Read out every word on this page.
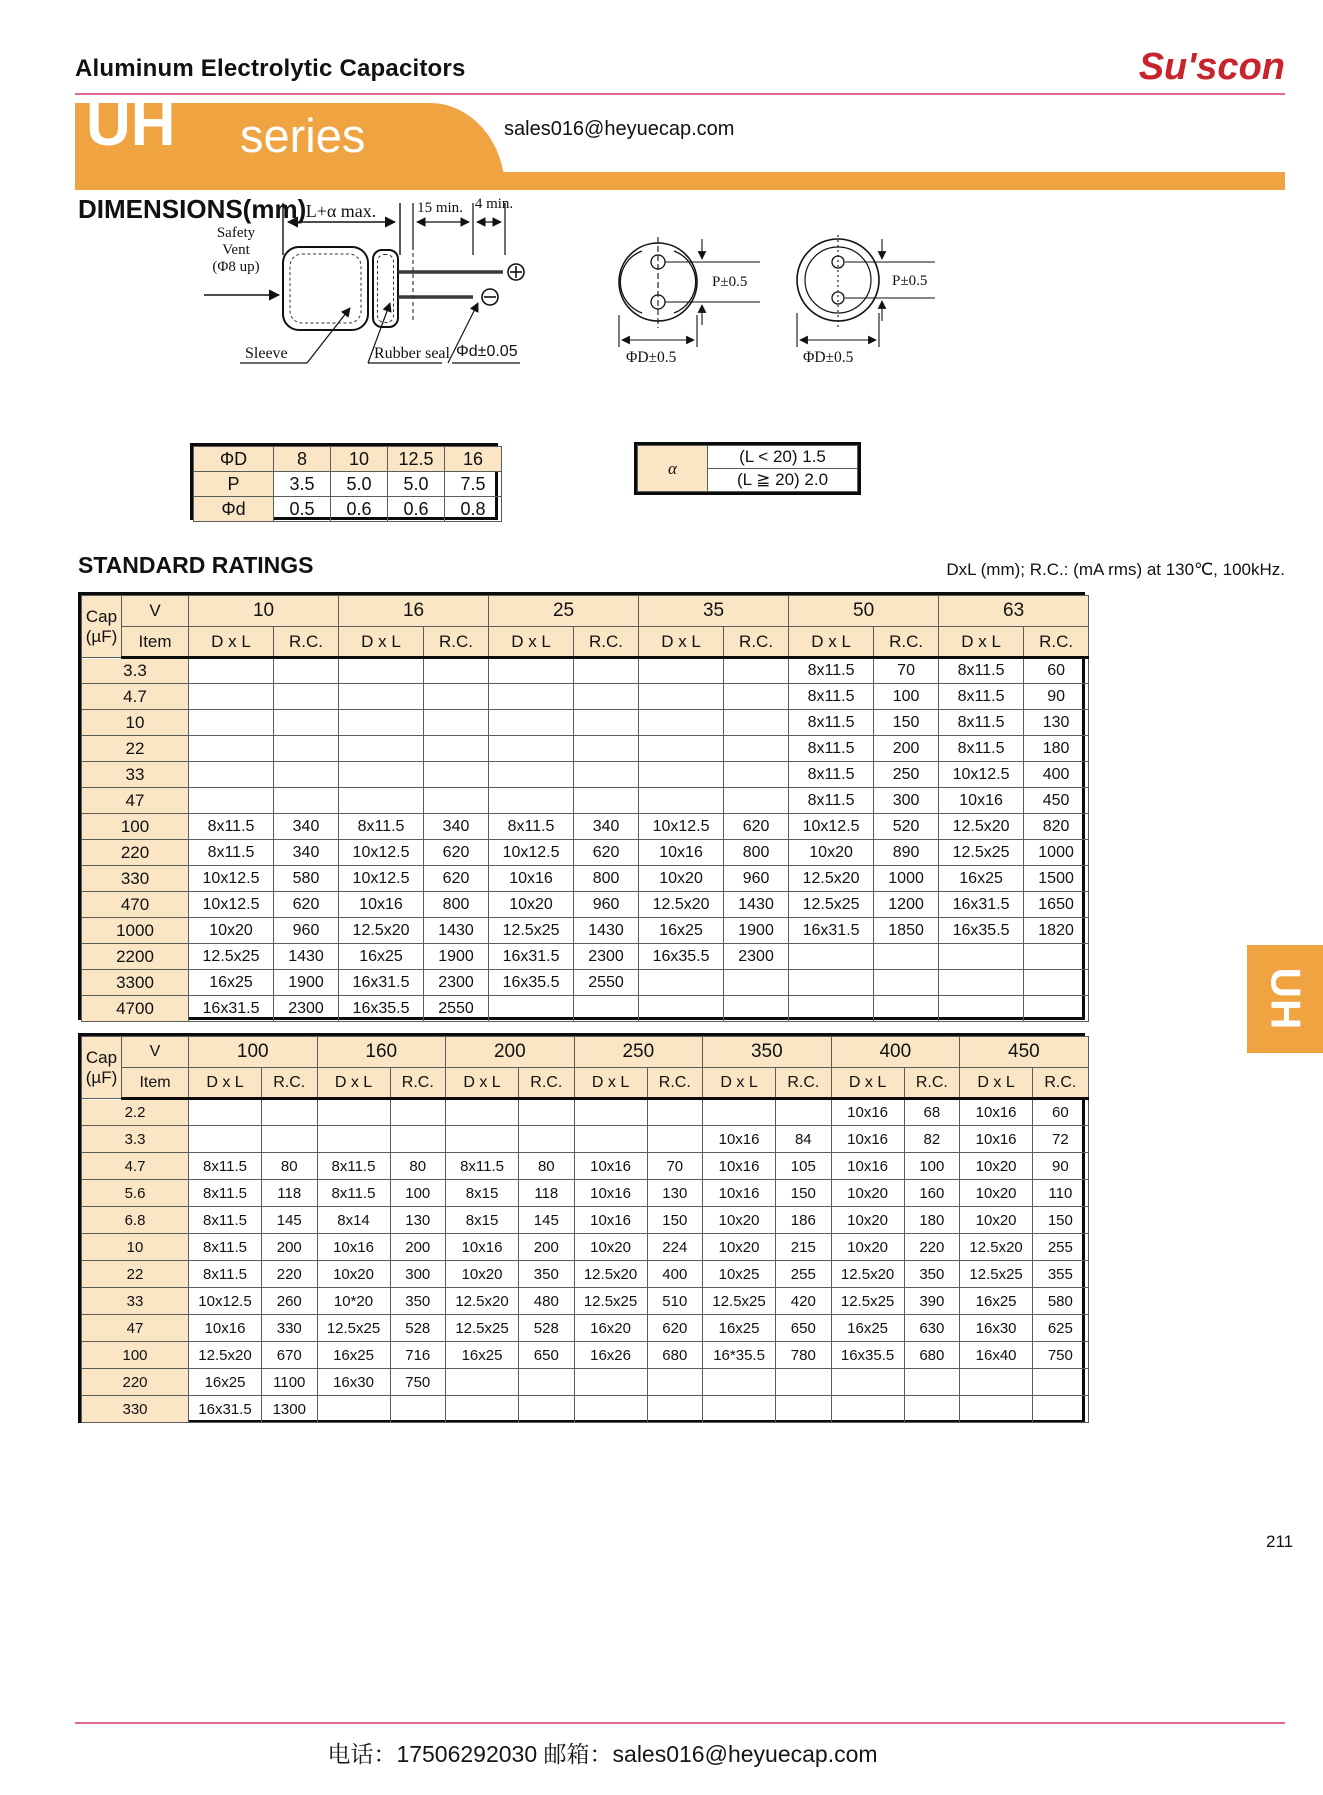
Aluminum Electrolytic Capacitors	Su'scon
UH series	sales016@heyuecap.com
DIMENSIONS(mm) L+α max.	15 min. 4 min.
Safety
Vent
(Φ8 up)
Sleeve	Rubber seal Φd±0.05
P±0.5
ΦD±0.5
P±0.5
ΦD±0.5
ΦD	8	10	12.5	16
P	3.5	5.0	5.0	7.5
Φd	0.5	0.6	0.6	0.8
α	(L < 20) 1.5
(L ≧ 20) 2.0
STANDARD RATINGS	DxL (mm); R.C.: (mA rms) at 130℃, 100kHz.
Cap
(µF)	V	10		16		25		35		50		63	
	Item	D x L	R.C.	D x L	R.C.	D x L	R.C.	D x L	R.C.	D x L	R.C.	D x L	R.C.
3.3										8x11.5	70	8x11.5	60
4.7										8x11.5	100	8x11.5	90
10										8x11.5	150	8x11.5	130
22										8x11.5	200	8x11.5	180
33										8x11.5	250	10x12.5	400
47										8x11.5	300	10x16	450
100		8x11.5	340	8x11.5	340	8x11.5	340	10x12.5	620	10x12.5	520	12.5x20	820
220		8x11.5	340	10x12.5	620	10x12.5	620	10x16	800	10x20	890	12.5x25	1000
330		10x12.5	580	10x12.5	620	10x16	800	10x20	960	12.5x20	1000	16x25	1500
470		10x12.5	620	10x16	800	10x20	960	12.5x20	1430	12.5x25	1200	16x31.5	1650
1000		10x20	960	12.5x20	1430	12.5x25	1430	16x25	1900	16x31.5	1850	16x35.5	1820
2200		12.5x25	1430	16x25	1900	16x31.5	2300	16x35.5	2300				
3300		16x25	1900	16x31.5	2300	16x35.5	2550						
4700		16x31.5	2300	16x35.5	2550								
Cap
(µF)	V	100		160		200		250		350		400		450	
	Item	D x L	R.C.	D x L	R.C.	D x L	R.C.	D x L	R.C.	D x L	R.C.	D x L	R.C.	D x L	R.C.
2.2												10x16	68	10x16	60
3.3										10x16	84	10x16	82	10x16	72
4.7		8x11.5	80	8x11.5	80	8x11.5	80	10x16	70	10x16	105	10x16	100	10x20	90
5.6		8x11.5	118	8x11.5	100	8x15	118	10x16	130	10x16	150	10x20	160	10x20	110
6.8		8x11.5	145	8x14	130	8x15	145	10x16	150	10x20	186	10x20	180	10x20	150
10		8x11.5	200	10x16	200	10x16	200	10x20	224	10x20	215	10x20	220	12.5x20	255
22		8x11.5	220	10x20	300	10x20	350	12.5x20	400	10x25	255	12.5x20	350	12.5x25	355
33		10x12.5	260	10*20	350	12.5x20	480	12.5x25	510	12.5x25	420	12.5x25	390	16x25	580
47		10x16	330	12.5x25	528	12.5x25	528	16x20	620	16x25	650	16x25	630	16x30	625
100		12.5x20	670	16x25	716	16x25	650	16x26	680	16*35.5	780	16x35.5	680	16x40	750
220		16x25	1100	16x30	750										
330		16x31.5	1300												
UH
211
电话：17506292030 邮箱：sales016@heyuecap.com
